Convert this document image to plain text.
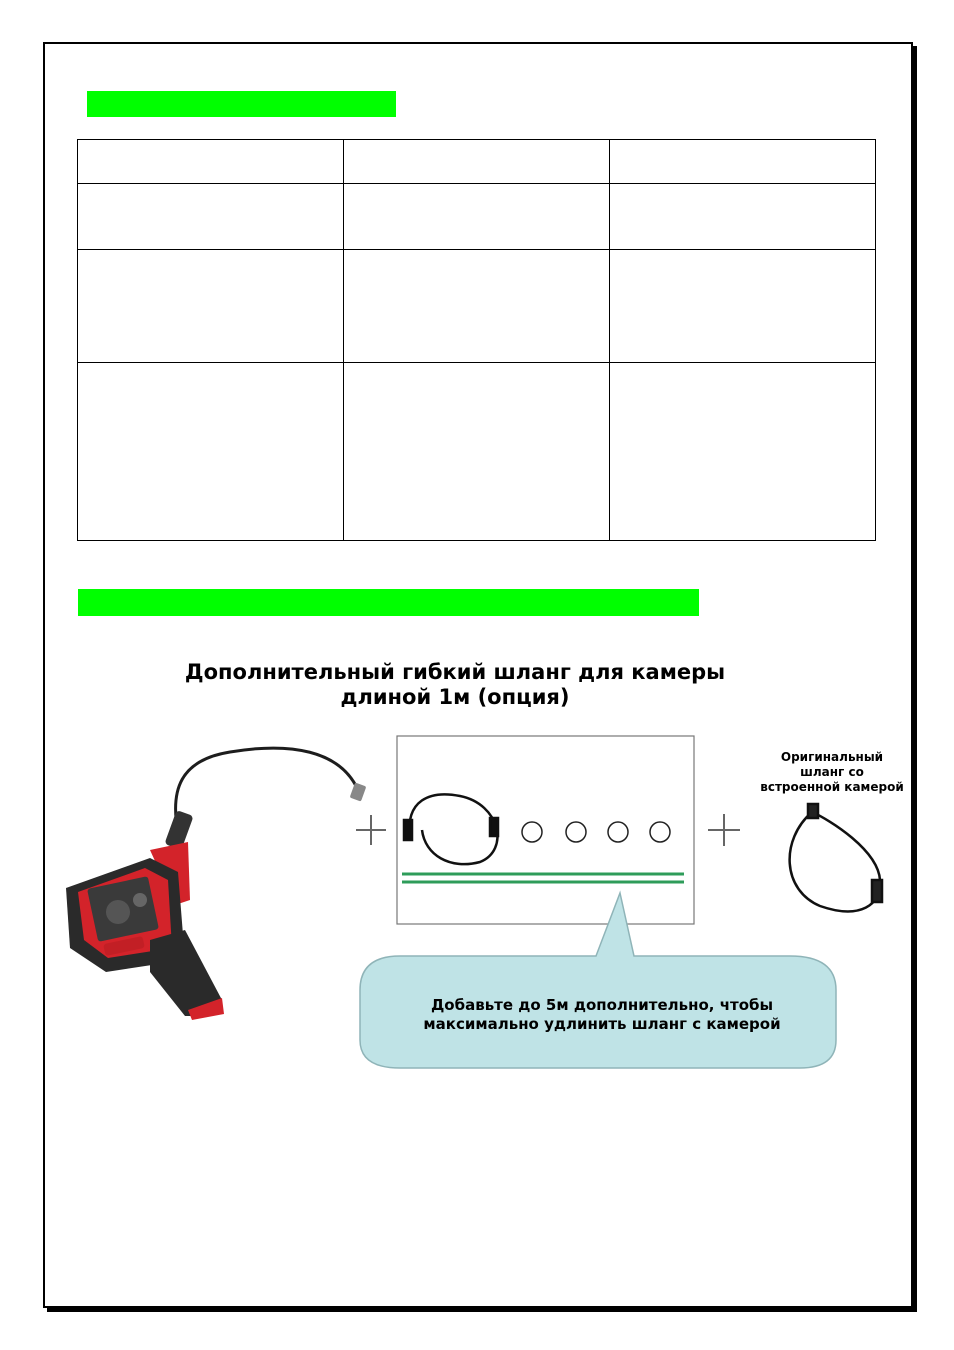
Дополнительный гибкий шланг для камеры
длиной 1м (опция)
Оригинальный
шланг со
встроенной камерой
Добавьте до 5м дополнительно, чтобы
максимально удлинить шланг с камерой
